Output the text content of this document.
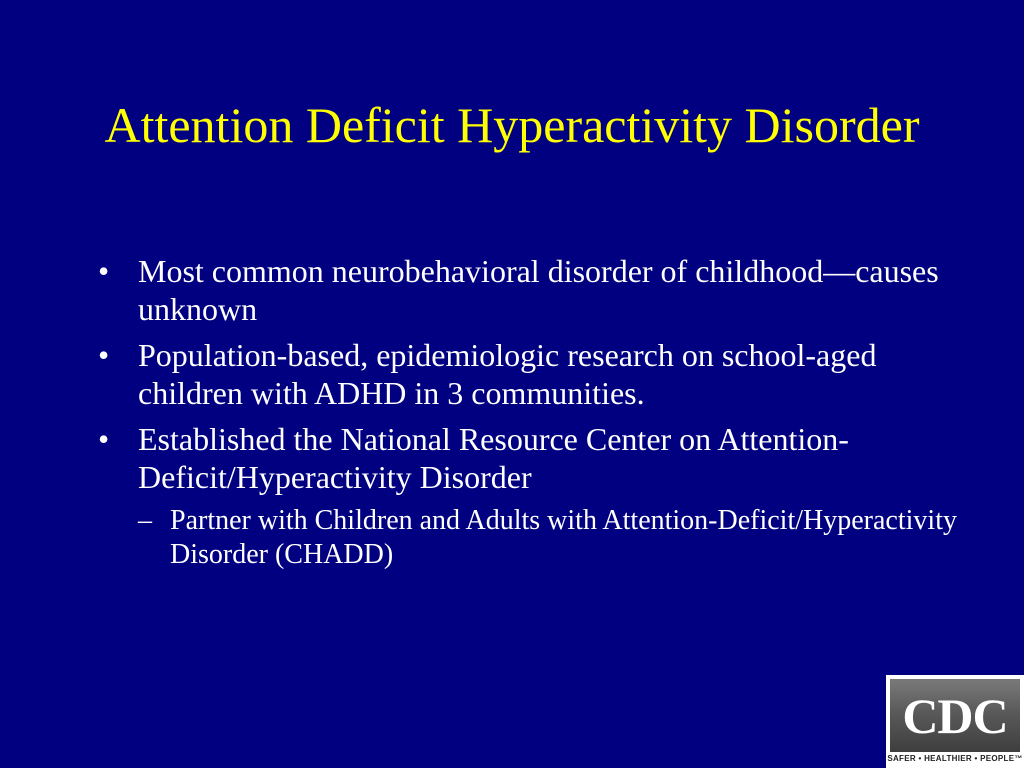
Attention Deficit Hyperactivity Disorder
• Most common neurobehavioral disorder of childhood—causes unknown
• Population-based, epidemiologic research on school-aged children with ADHD in 3 communities.
• Established the National Resource Center on Attention-Deficit/Hyperactivity Disorder
– Partner with Children and Adults with Attention-Deficit/Hyperactivity Disorder (CHADD)
CDC
SAFER • HEALTHIER • PEOPLE™
